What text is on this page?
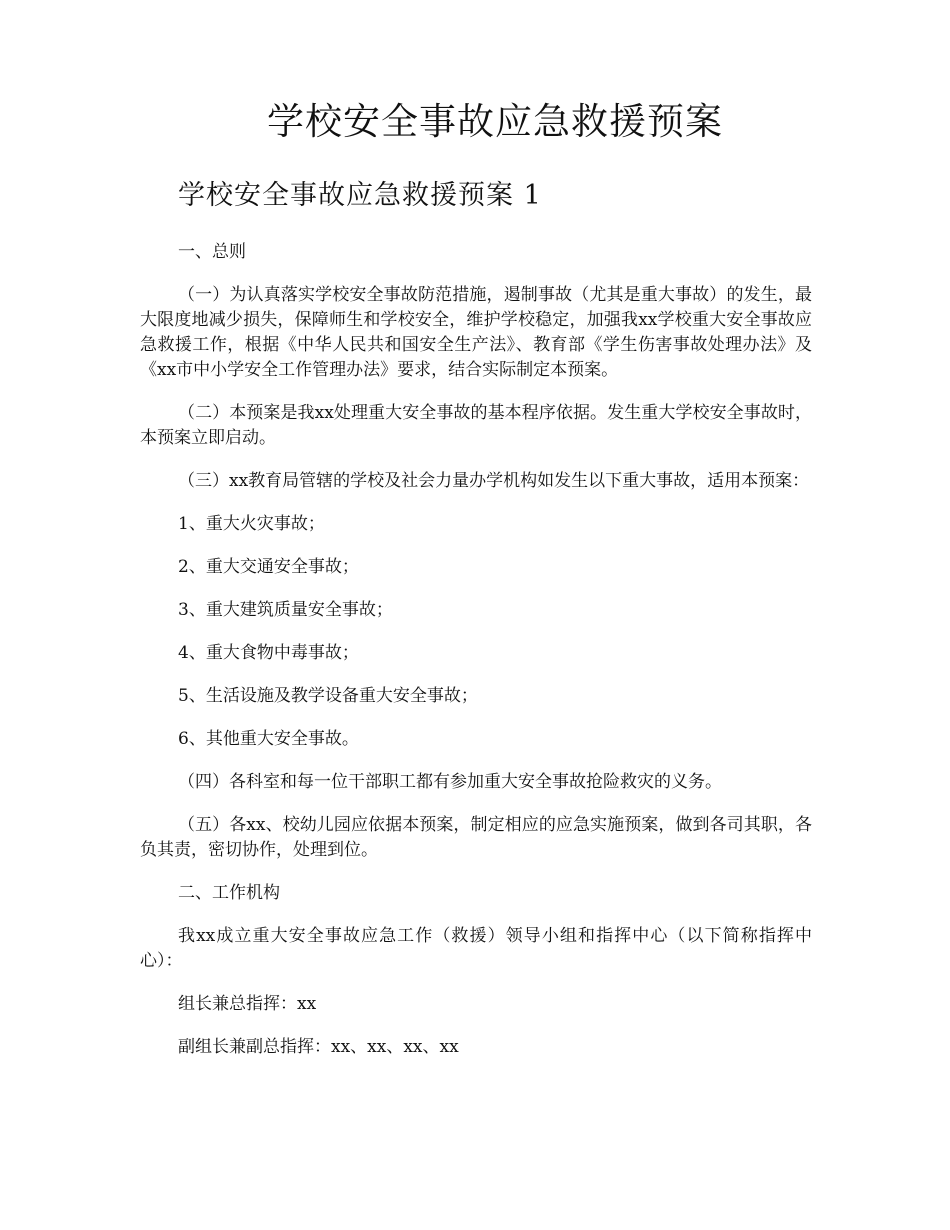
学校安全事故应急救援预案
学校安全事故应急救援预案 1

一、总则

（一）为认真落实学校安全事故防范措施，遏制事故（尤其是重大事故）的发生，最大限度地减少损失，保障师生和学校安全，维护学校稳定，加强我xx学校重大安全事故应急救援工作，根据《中华人民共和国安全生产法》、教育部《学生伤害事故处理办法》及《xx市中小学安全工作管理办法》要求，结合实际制定本预案。

（二）本预案是我xx处理重大安全事故的基本程序依据。发生重大学校安全事故时，本预案立即启动。

（三）xx教育局管辖的学校及社会力量办学机构如发生以下重大事故，适用本预案：

1、重大火灾事故；

2、重大交通安全事故；

3、重大建筑质量安全事故；

4、重大食物中毒事故；

5、生活设施及教学设备重大安全事故；

6、其他重大安全事故。

（四）各科室和每一位干部职工都有参加重大安全事故抢险救灾的义务。

（五）各xx、校幼儿园应依据本预案，制定相应的应急实施预案，做到各司其职，各负其责，密切协作，处理到位。

二、工作机构

我xx成立重大安全事故应急工作（救援）领导小组和指挥中心（以下简称指挥中心）：

组长兼总指挥：xx

副组长兼副总指挥：xx、xx、xx、xx
